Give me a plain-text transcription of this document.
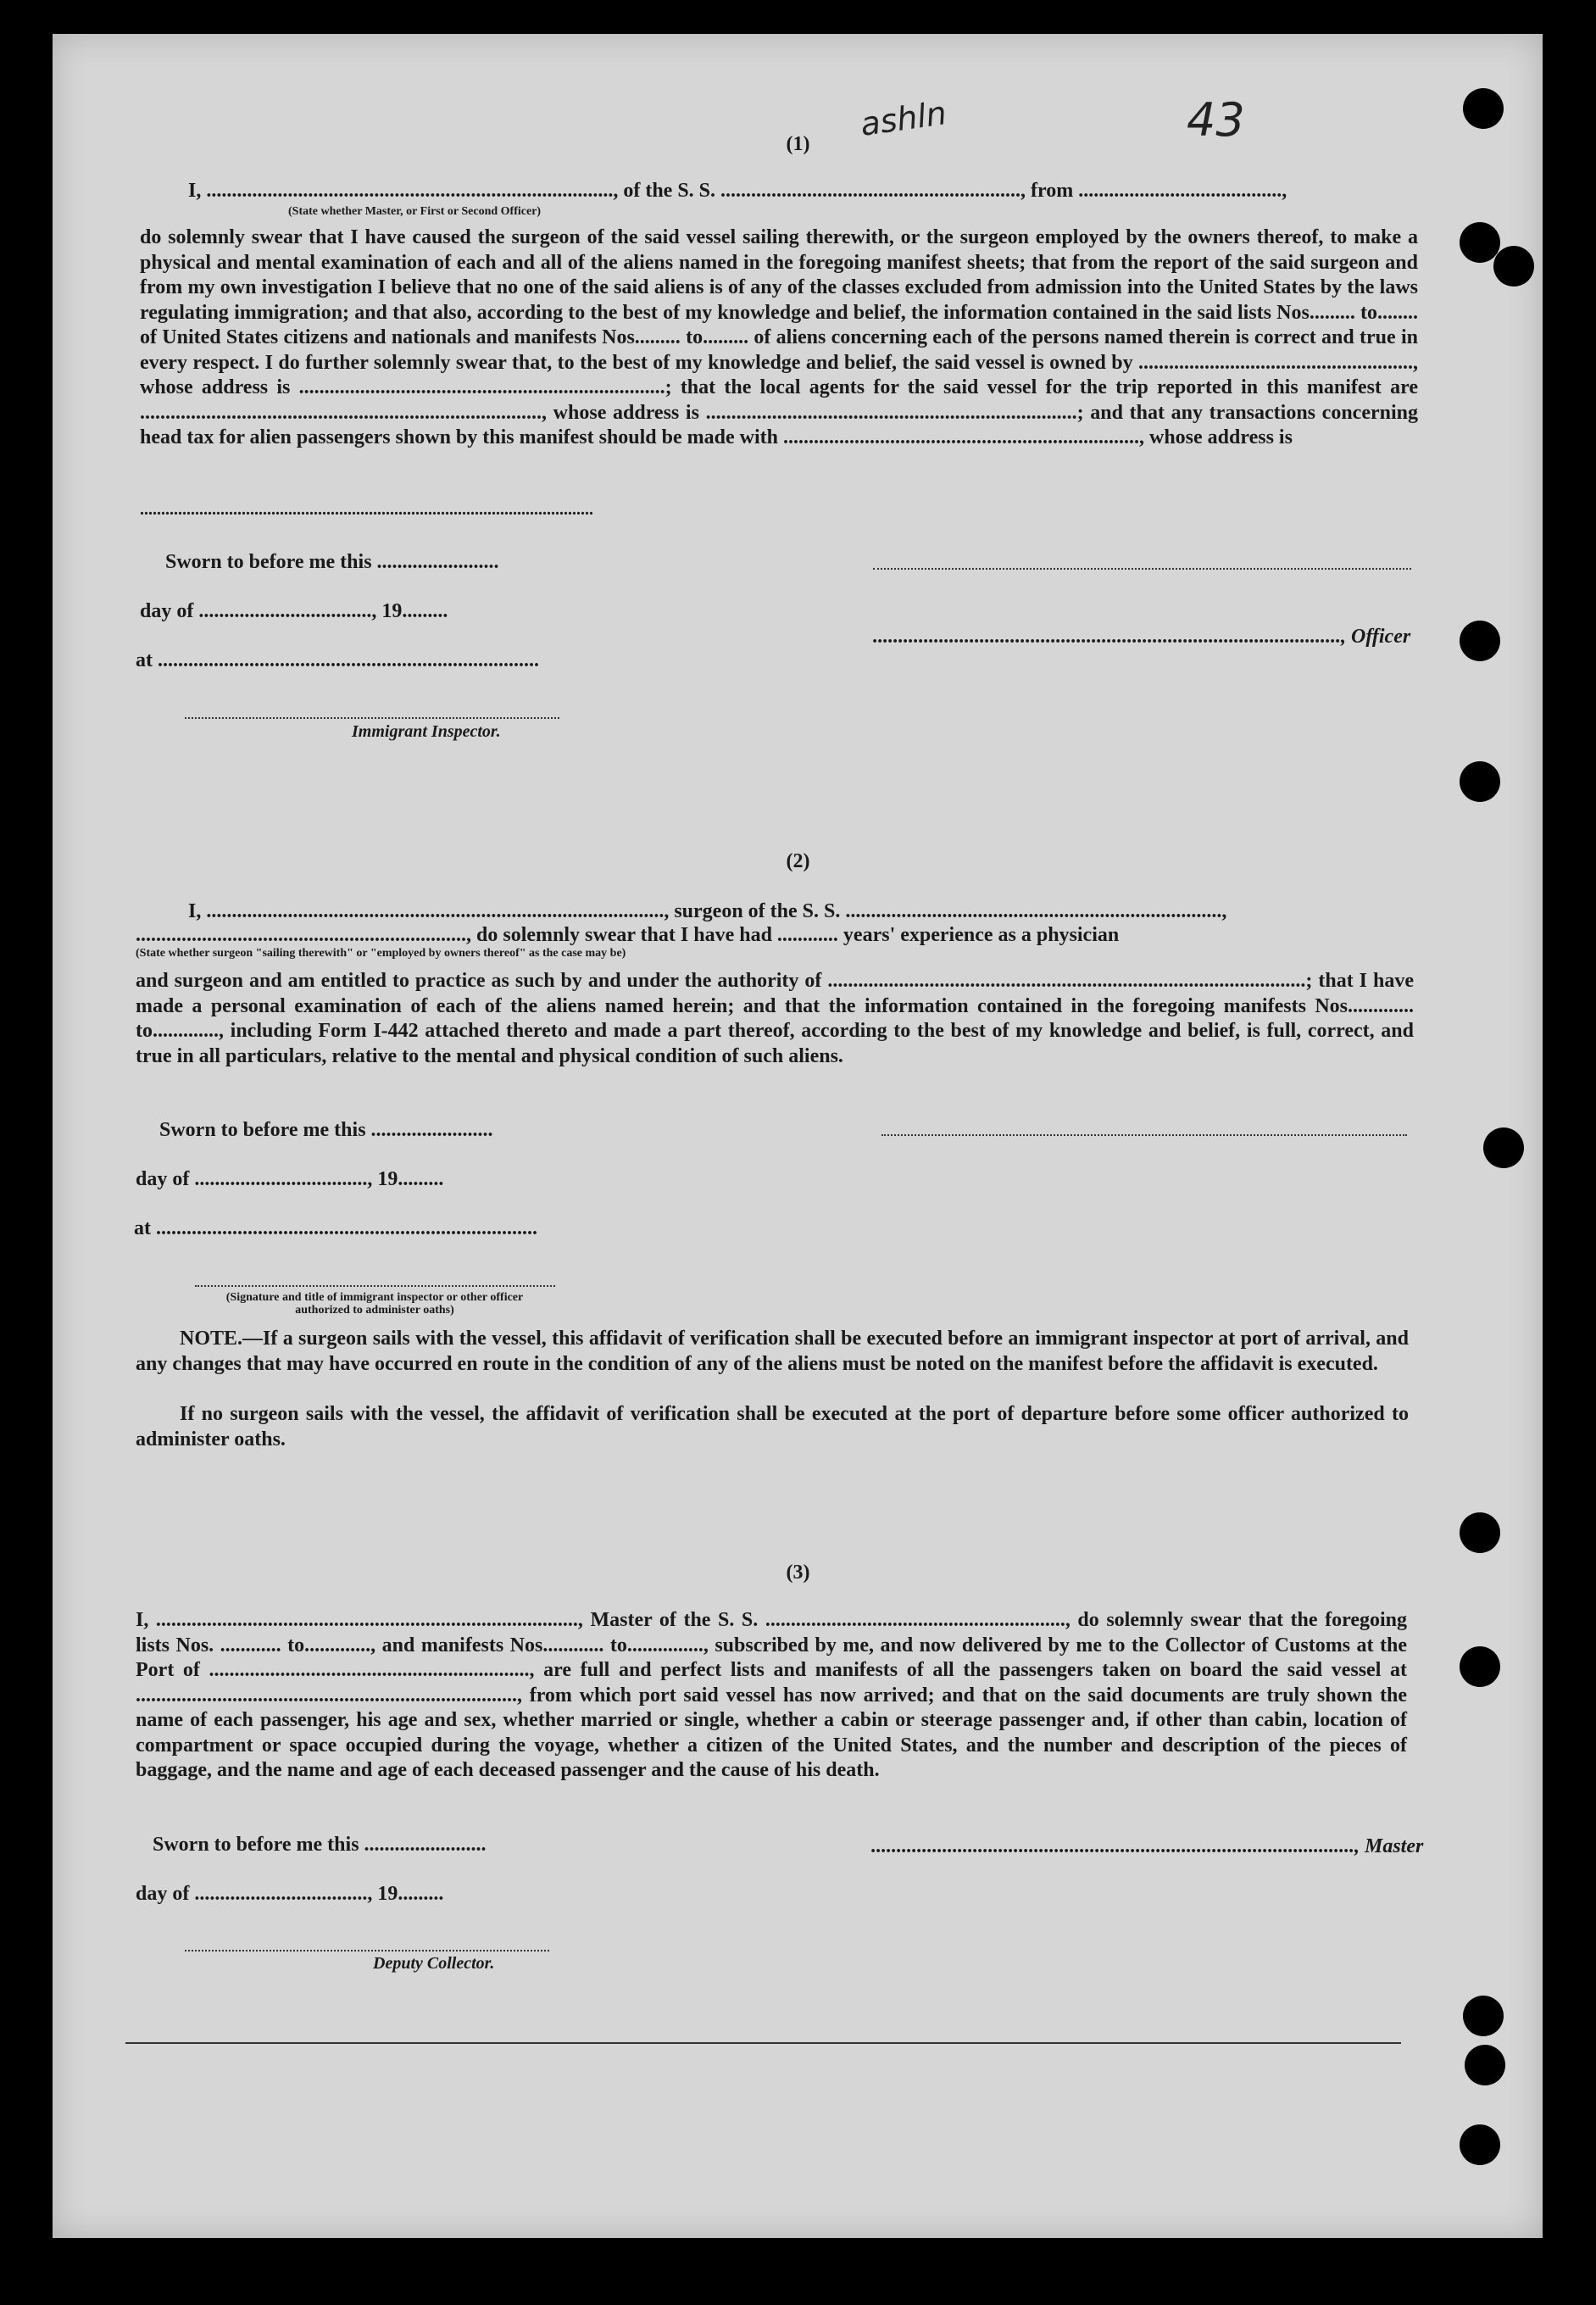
ashln	43
(1)
I, ................................................................................, of the S. S. ..........................................................., from ........................................,
(State whether Master, or First or Second Officer)
do solemnly swear that I have caused the surgeon of the said vessel sailing therewith, or the surgeon employed by the owners thereof, to make a physical and mental examination of each and all of the aliens named in the foregoing manifest sheets; that from the report of the said surgeon and from my own investigation I believe that no one of the said aliens is of any of the classes excluded from admission into the United States by the laws regulating immigration; and that also, according to the best of my knowledge and belief, the information contained in the said lists Nos......... to........ of United States citizens and nationals and manifests Nos......... to......... of aliens concerning each of the persons named therein is correct and true in every respect. I do further solemnly swear that, to the best of my knowledge and belief, the said vessel is owned by ......................................................, whose address is ........................................................................; that the local agents for the said vessel for the trip reported in this manifest are ..............................................................................., whose address is .........................................................................; and that any transactions concerning head tax for alien passengers shown by this manifest should be made with ......................................................................, whose address is
...........................................................................................................
Sworn to before me this ........................
day of .................................., 19.........
at ...........................................................................
Immigrant Inspector.
............................................................................................, Officer
(2)
I, .........................................................................................., surgeon of the S. S. ..........................................................................,
................................................................., do solemnly swear that I have had ............ years' experience as a physician
(State whether surgeon "sailing therewith" or "employed by owners thereof" as the case may be)
and surgeon and am entitled to practice as such by and under the authority of ..............................................................................................; that I have made a personal examination of each of the aliens named herein; and that the information contained in the foregoing manifests Nos............. to............., including Form I-442 attached thereto and made a part thereof, according to the best of my knowledge and belief, is full, correct, and true in all particulars, relative to the mental and physical condition of such aliens.
Sworn to before me this ........................
day of .................................., 19.........
at ...........................................................................
(Signature and title of immigrant inspector or other officer authorized to administer oaths)
NOTE.—If a surgeon sails with the vessel, this affidavit of verification shall be executed before an immigrant inspector at port of arrival, and any changes that may have occurred en route in the condition of any of the aliens must be noted on the manifest before the affidavit is executed.
If no surgeon sails with the vessel, the affidavit of verification shall be executed at the port of departure before some officer authorized to administer oaths.
(3)
I, ..................................................................................., Master of the S. S. ..........................................................., do solemnly swear that the foregoing lists Nos. ............ to............., and manifests Nos............ to..............., subscribed by me, and now delivered by me to the Collector of Customs at the Port of ..............................................................., are full and perfect lists and manifests of all the passengers taken on board the said vessel at ..........................................................................., from which port said vessel has now arrived; and that on the said documents are truly shown the name of each passenger, his age and sex, whether married or single, whether a cabin or steerage passenger and, if other than cabin, location of compartment or space occupied during the voyage, whether a citizen of the United States, and the number and description of the pieces of baggage, and the name and age of each deceased passenger and the cause of his death.
Sworn to before me this ........................
day of .................................., 19.........
Deputy Collector.
..............................................................................................., Master
